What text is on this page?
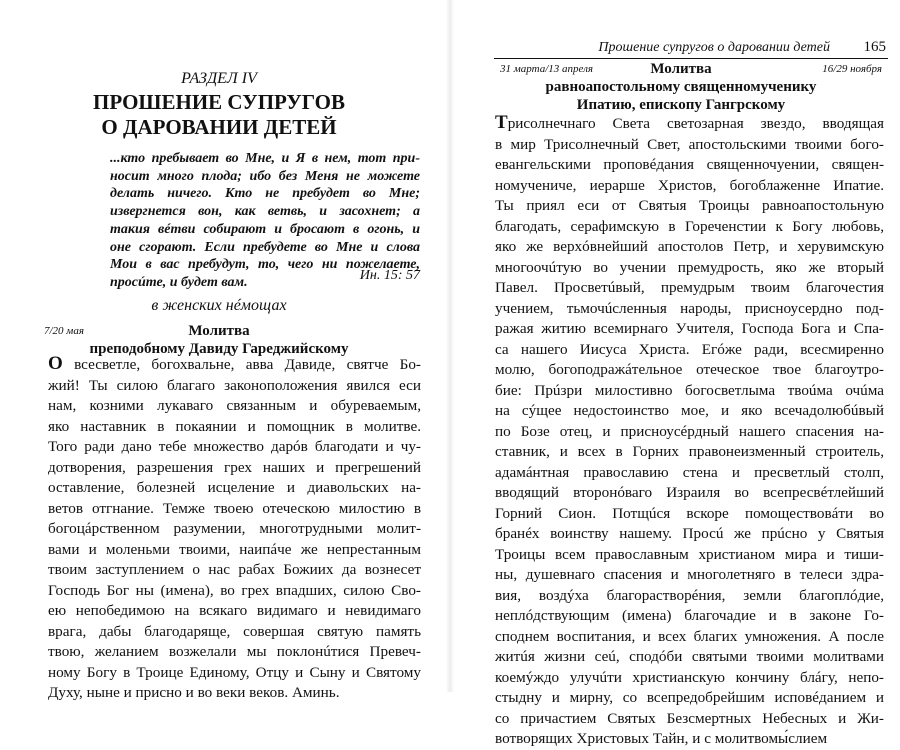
РАЗДЕЛ IV
ПРОШЕНИЕ СУПРУГОВ
О ДАРОВАНИИ ДЕТЕЙ
...кто пребывает во Мне, и Я в нем, тот при-
носит много плода; ибо без Меня не можете
делать ничего. Кто не пребудет во Мне;
извергнется вон, как ветвь, и засохнет; а
такия вéтви собирают и бросают в огонь, и
оне сгорают. Если пребудете во Мне и слова
Мои в вас пребудут, то, чего ни пожелаете,
просúте, и будет вам.	Ин. 15: 57
в женских нéмощах
7/20 мая	Молитва
преподобному Давиду Гареджийскому
О всесветле, богохвальне, авва Давиде, святче Бо-
жий! Ты силою благаго законоположения явился еси
нам, козними лукаваго связанным и обуреваемым,
яко наставник в покаянии и помощник в молитве.
Того ради дано тебе множество дарóв благодати и чу-
дотворения, разрешения грех наших и прегрешений
оставление, болезней исцеление и диавольских на-
ветов отгнание. Темже твоею отеческою милостию в
богоцáрственном разумении, многотрудными молит-
вами и моленьми твоими, наипáче же непрестанным
твоим заступлением о нас рабах Божиих да вознесет
Господь Бог ны (имена), во грех впадших, силою Сво-
ею непобедимою на всякаго видимаго и невидимаго
врага, дабы благодарящe, совершая святую память
твою, желанием возжелали мы поклонúтися Превеч-
ному Богу в Троице Единому, Отцу и Сыну и Святому
Духу, ныне и присно и во веки веков. Аминь.
Прошение супругов о даровании детей 165
31 марта/13 апреля	16/29 ноября
Молитва
равноапостольному священномученику
Ипатию, епископу Гангрскому
Трисолнечнаго Света светозарная звездо, вводящая
в мир Трисолнечный Свет, апостольскими твоими бого-
евангельскими проповéдания священночуении, священ-
номучениче, иерарше Христов, богоблаженне Ипатие.
Ты приял еси от Святыя Троицы равноапостольную
благодать, серафимскую в Гореченстии к Богу любовь,
яко же верхóвнейший апостолов Петр, и херувимскую
многоочúтую во учении премудрость, яко же вторый
Павел. Просветúвый, премудрым твоим благочестия
учением, тьмочúсленныя народы, присноусердно под-
ражая житию всемирнаго Учителя, Господа Бога и Спа-
са нашего Иисуса Христа. Егóже ради, всесмиренно
молю, богоподражáтельное отеческое твое благоутро-
бие: Прúзри милостивно богосветлыма твоúма очúма
на сýщее недостоинство мое, и яко всечадолюбúвый
по Бозе отец, и присноусéрдный нашего спасения на-
ставник, и всех в Горних правонеизменный строитель,
адамáнтная православию стена и пресветлый столп,
вводящий второнóваго Израиля во всепресвéтлейший
Горний Сион. Потщúся вскоре помоществовáти во
бранéх воинству нашему. Просú же прúсно у Святыя
Троицы всем православным христианом мира и тиши-
ны, душевнаго спасения и многолетняго в телеси здра-
вия, воздýха благорастворéния, земли благоплóдие,
неплóдствующим (имена) благочадие и в законе Го-
споднем воспитания, и всех благих умножения. А после
житúя жизни сеú, сподóби святыми твоими молитвами
коемýждо улучúти христианскую кончину блáгу, непо-
стыдну и мирну, со всепредобрейшим исповéданием и
со причастием Святых Безсмертных Небесных и Жи-
вотворящих Христовых Тайн, и с молитвомы́слием
